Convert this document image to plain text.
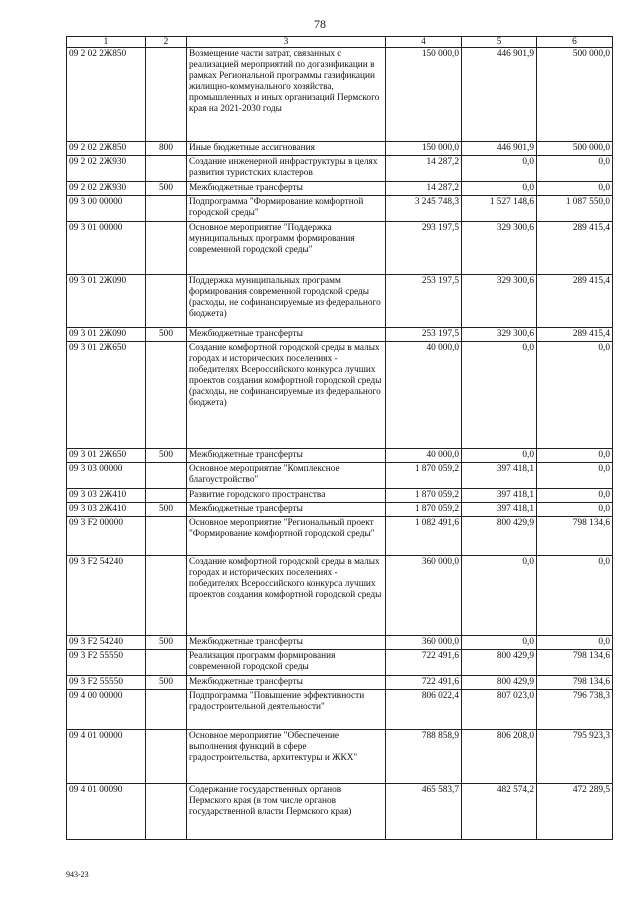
78
1	2	3	4	5	6
09 2 02 2Ж850		Возмещение части затрат, связанных с реализацией мероприятий по догазификации в рамках Региональной программы газификации жилищно-коммунального хозяйства, промышленных и иных организаций Пермского края на 2021-2030 годы	150 000,0	446 901,9	500 000,0
09 2 02 2Ж850	800	Иные бюджетные ассигнования	150 000,0	446 901,9	500 000,0
09 2 02 2Ж930		Создание инженерной инфраструктуры в целях развития туристских кластеров	14 287,2	0,0	0,0
09 2 02 2Ж930	500	Межбюджетные трансферты	14 287,2	0,0	0,0
09 3 00 00000		Подпрограмма "Формирование комфортной городской среды"	3 245 748,3	1 527 148,6	1 087 550,0
09 3 01 00000		Основное мероприятие "Поддержка муниципальных программ формирования современной городской среды"	293 197,5	329 300,6	289 415,4
09 3 01 2Ж090		Поддержка муниципальных программ формирования современной городской среды (расходы, не софинансируемые из федерального бюджета)	253 197,5	329 300,6	289 415,4
09 3 01 2Ж090	500	Межбюджетные трансферты	253 197,5	329 300,6	289 415,4
09 3 01 2Ж650		Создание комфортной городской среды в малых городах и исторических поселениях - победителях Всероссийского конкурса лучших проектов создания комфортной городской среды (расходы, не софинансируемые из федерального бюджета)	40 000,0	0,0	0,0
09 3 01 2Ж650	500	Межбюджетные трансферты	40 000,0	0,0	0,0
09 3 03 00000		Основное мероприятие "Комплексное благоустройство"	1 870 059,2	397 418,1	0,0
09 3 03 2Ж410		Развитие городского пространства	1 870 059,2	397 418,1	0,0
09 3 03 2Ж410	500	Межбюджетные трансферты	1 870 059,2	397 418,1	0,0
09 3 F2 00000		Основное мероприятие "Региональный проект "Формирование комфортной городской среды"	1 082 491,6	800 429,9	798 134,6
09 3 F2 54240		Создание комфортной городской среды в малых городах и исторических поселениях - победителях Всероссийского конкурса лучших проектов создания комфортной городской среды	360 000,0	0,0	0,0
09 3 F2 54240	500	Межбюджетные трансферты	360 000,0	0,0	0,0
09 3 F2 55550		Реализация программ формирования современной городской среды	722 491,6	800 429,9	798 134,6
09 3 F2 55550	500	Межбюджетные трансферты	722 491,6	800 429,9	798 134,6
09 4 00 00000		Подпрограмма "Повышение эффективности градостроительной деятельности"	806 022,4	807 023,0	796 738,3
09 4 01 00000		Основное мероприятие "Обеспечение выполнения функций в сфере градостроительства, архитектуры и ЖКХ"	788 858,9	806 208,0	795 923,3
09 4 01 00090		Содержание государственных органов Пермского края (в том числе органов государственной власти Пермского края)	465 583,7	482 574,2	472 289,5
943-23
